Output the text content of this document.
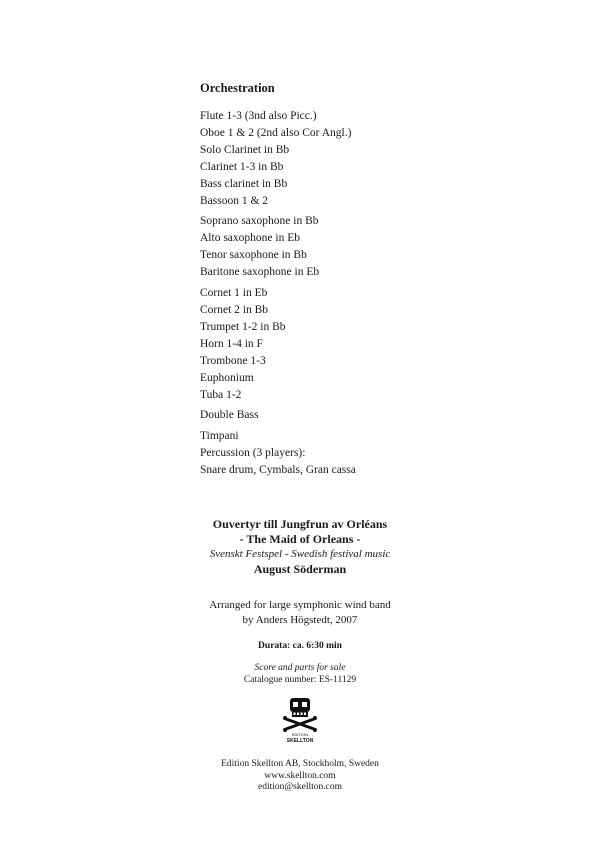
Orchestration
Flute 1-3 (3nd also Picc.)
Oboe 1 & 2 (2nd also Cor Angl.)
Solo Clarinet in Bb
Clarinet 1-3 in Bb
Bass clarinet in Bb
Bassoon 1 & 2
Soprano saxophone in Bb
Alto saxophone in Eb
Tenor saxophone in Bb
Baritone saxophone in Eb
Cornet 1 in Eb
Cornet 2 in Bb
Trumpet 1-2 in Bb
Horn 1-4 in F
Trombone 1-3
Euphonium
Tuba 1-2
Double Bass
Timpani
Percussion (3 players):
Snare drum, Cymbals, Gran cassa
Ouvertyr till Jungfrun av Orléans
- The Maid of Orleans -
Svenskt Festspel - Swedish festival music
August Söderman
Arranged for large symphonic wind band
by Anders Högstedt, 2007
Durata: ca. 6:30 min
Score and parts for sale
Catalogue number: ES-11129
EDITION
SKELLTON
Edition Skellton AB, Stockholm, Sweden
www.skellton.com
edition@skellton.com
